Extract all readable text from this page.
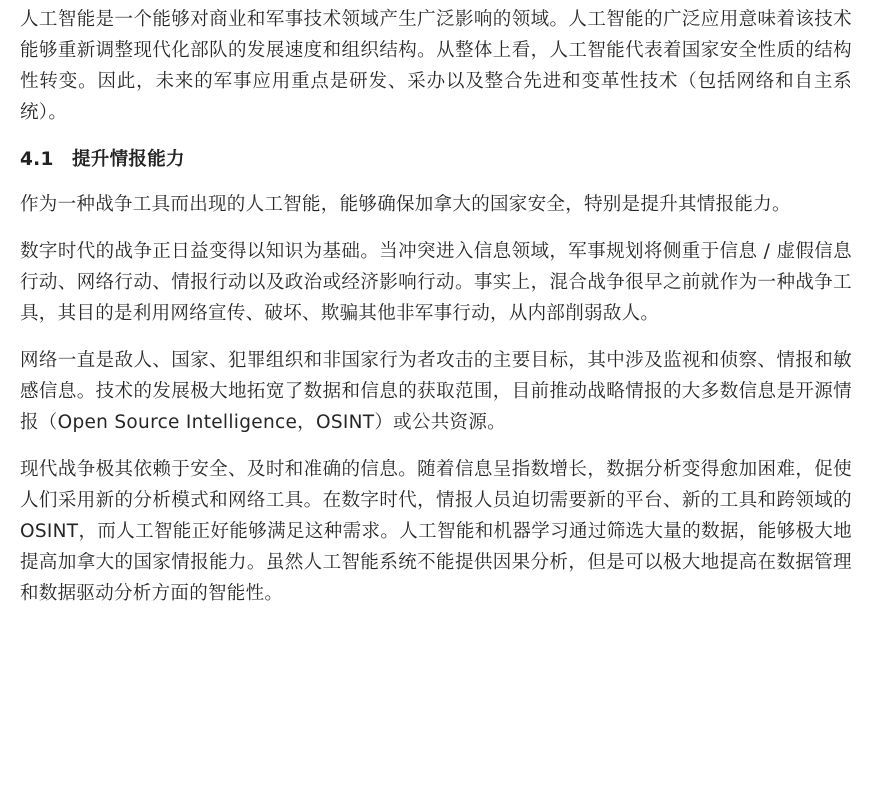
人工智能是一个能够对商业和军事技术领域产生广泛影响的领域。人工智能的广泛应用意味着该技术能够重新调整现代化部队的发展速度和组织结构。从整体上看，人工智能代表着国家安全性质的结构性转变。因此，未来的军事应用重点是研发、采办以及整合先进和变革性技术（包括网络和自主系统）。

4.1 提升情报能力

作为一种战争工具而出现的人工智能，能够确保加拿大的国家安全，特别是提升其情报能力。

数字时代的战争正日益变得以知识为基础。当冲突进入信息领域，军事规划将侧重于信息 / 虚假信息行动、网络行动、情报行动以及政治或经济影响行动。事实上，混合战争很早之前就作为一种战争工具，其目的是利用网络宣传、破坏、欺骗其他非军事行动，从内部削弱敌人。

网络一直是敌人、国家、犯罪组织和非国家行为者攻击的主要目标，其中涉及监视和侦察、情报和敏感信息。技术的发展极大地拓宽了数据和信息的获取范围，目前推动战略情报的大多数信息是开源情报（Open Source Intelligence，OSINT）或公共资源。

现代战争极其依赖于安全、及时和准确的信息。随着信息呈指数增长，数据分析变得愈加困难，促使人们采用新的分析模式和网络工具。在数字时代，情报人员迫切需要新的平台、新的工具和跨领域的 OSINT，而人工智能正好能够满足这种需求。人工智能和机器学习通过筛选大量的数据，能够极大地提高加拿大的国家情报能力。虽然人工智能系统不能提供因果分析，但是可以极大地提高在数据管理和数据驱动分析方面的智能性。
